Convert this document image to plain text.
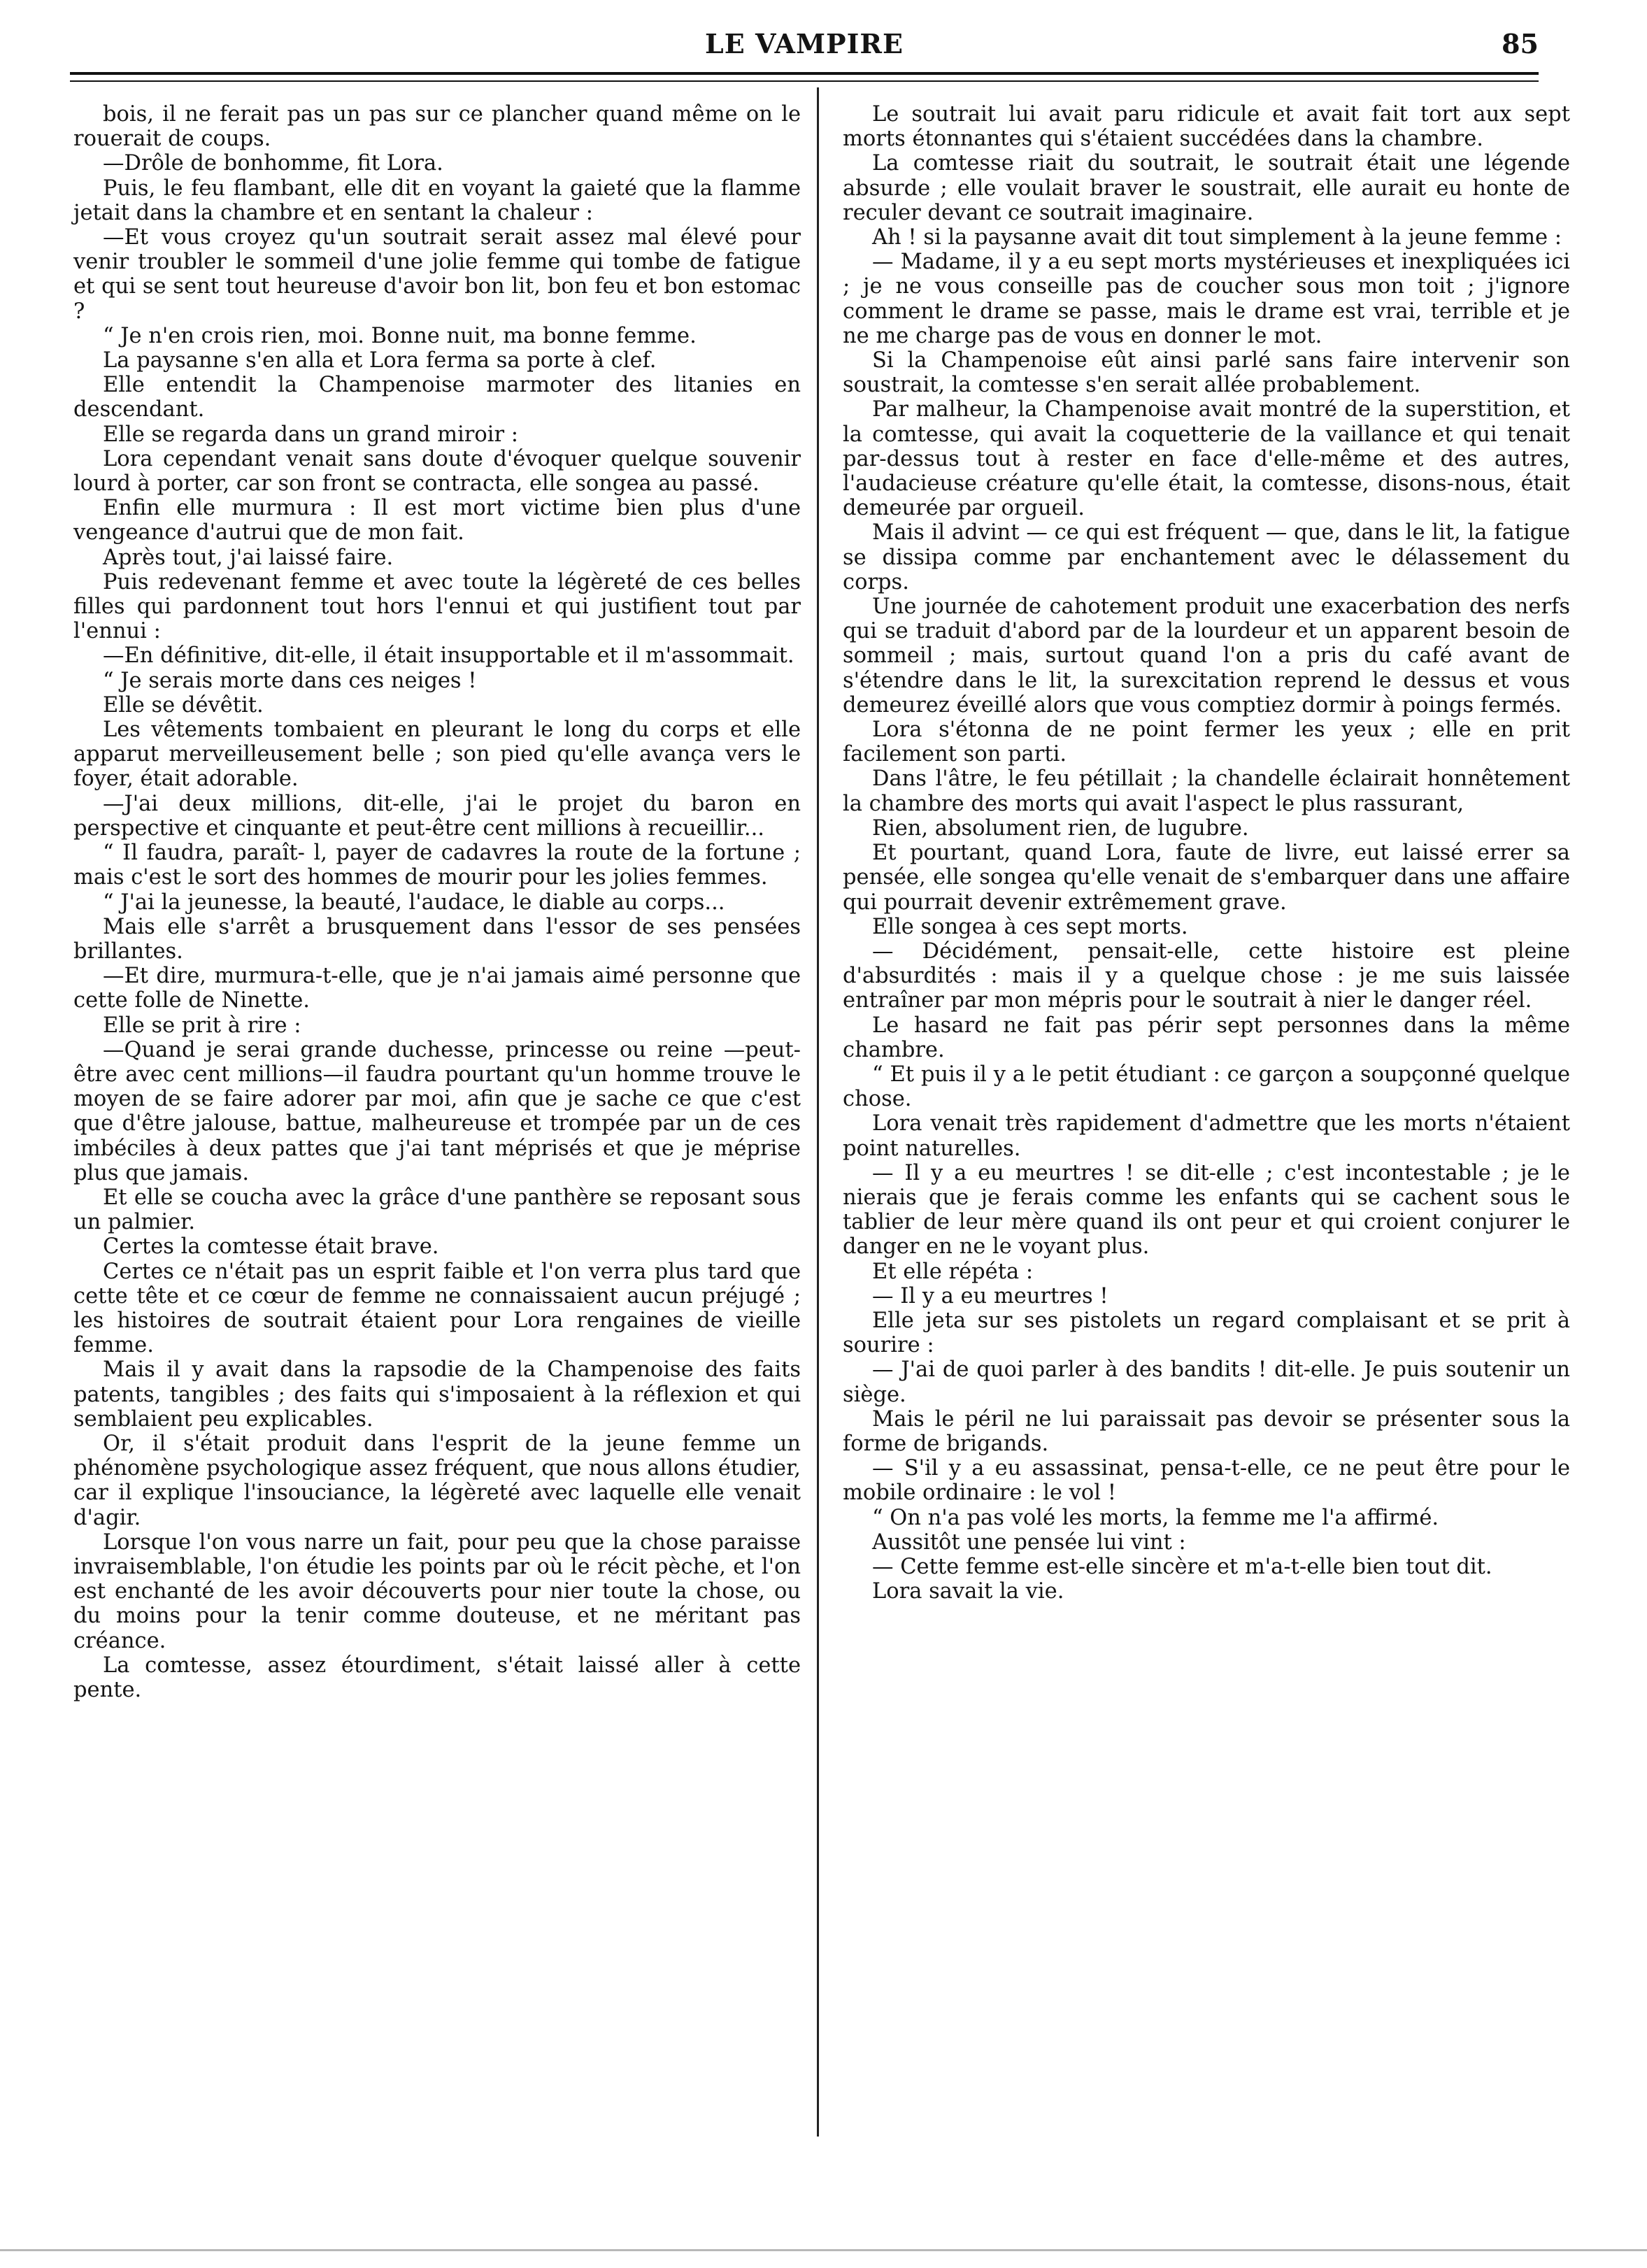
LE VAMPIRE	85

bois, il ne ferait pas un pas sur ce plancher quand même on le rouerait de coups.

—Drôle de bonhomme, fit Lora.

Puis, le feu flambant, elle dit en voyant la gaieté que la flamme jetait dans la chambre et en sentant la chaleur :

—Et vous croyez qu'un soutrait serait assez mal élevé pour venir troubler le sommeil d'une jolie femme qui tombe de fatigue et qui se sent tout heureuse d'avoir bon lit, bon feu et bon estomac ?

“ Je n'en crois rien, moi. Bonne nuit, ma bonne femme.

La paysanne s'en alla et Lora ferma sa porte à clef.

Elle entendit la Champenoise marmoter des litanies en descendant.

Elle se regarda dans un grand miroir :

Lora cependant venait sans doute d'évoquer quelque souvenir lourd à porter, car son front se contracta, elle songea au passé.

Enfin elle murmura : Il est mort victime bien plus d'une vengeance d'autrui que de mon fait.

Après tout, j'ai laissé faire.

Puis redevenant femme et avec toute la légèreté de ces belles filles qui pardonnent tout hors l'ennui et qui justifient tout par l'ennui :

—En définitive, dit-elle, il était insupportable et il m'assommait.

“ Je serais morte dans ces neiges !

Elle se dévêtit.

Les vêtements tombaient en pleurant le long du corps et elle apparut merveilleusement belle ; son pied qu'elle avança vers le foyer, était adorable.

—J'ai deux millions, dit-elle, j'ai le projet du baron en perspective et cinquante et peut-être cent millions à recueillir...

“ Il faudra, paraît- l, payer de cadavres la route de la fortune ; mais c'est le sort des hommes de mourir pour les jolies femmes.

“ J'ai la jeunesse, la beauté, l'audace, le diable au corps...

Mais elle s'arrêt a brusquement dans l'essor de ses pensées brillantes.

—Et dire, murmura-t-elle, que je n'ai jamais aimé personne que cette folle de Ninette.

Elle se prit à rire :

—Quand je serai grande duchesse, princesse ou reine —peut-être avec cent millions—il faudra pourtant qu'un homme trouve le moyen de se faire adorer par moi, afin que je sache ce que c'est que d'être jalouse, battue, malheureuse et trompée par un de ces imbéciles à deux pattes que j'ai tant méprisés et que je méprise plus que jamais.

Et elle se coucha avec la grâce d'une panthère se reposant sous un palmier.

Certes la comtesse était brave.

Certes ce n'était pas un esprit faible et l'on verra plus tard que cette tête et ce cœur de femme ne connaissaient aucun préjugé ; les histoires de soutrait étaient pour Lora rengaines de vieille femme.

Mais il y avait dans la rapsodie de la Champenoise des faits patents, tangibles ; des faits qui s'imposaient à la réflexion et qui semblaient peu explicables.

Or, il s'était produit dans l'esprit de la jeune femme un phénomène psychologique assez fréquent, que nous allons étudier, car il explique l'insouciance, la légèreté avec laquelle elle venait d'agir.

Lorsque l'on vous narre un fait, pour peu que la chose paraisse invraisemblable, l'on étudie les points par où le récit pèche, et l'on est enchanté de les avoir découverts pour nier toute la chose, ou du moins pour la tenir comme douteuse, et ne méritant pas créance.

La comtesse, assez étourdiment, s'était laissé aller à cette pente.

Le soutrait lui avait paru ridicule et avait fait tort aux sept morts étonnantes qui s'étaient succédées dans la chambre.

La comtesse riait du soutrait, le soutrait était une légende absurde ; elle voulait braver le soustrait, elle aurait eu honte de reculer devant ce soutrait imaginaire.

Ah ! si la paysanne avait dit tout simplement à la jeune femme :

— Madame, il y a eu sept morts mystérieuses et inexpliquées ici ; je ne vous conseille pas de coucher sous mon toit ; j'ignore comment le drame se passe, mais le drame est vrai, terrible et je ne me charge pas de vous en donner le mot.

Si la Champenoise eût ainsi parlé sans faire intervenir son soustrait, la comtesse s'en serait allée probablement.

Par malheur, la Champenoise avait montré de la superstition, et la comtesse, qui avait la coquetterie de la vaillance et qui tenait par-dessus tout à rester en face d'elle-même et des autres, l'audacieuse créature qu'elle était, la comtesse, disons-nous, était demeurée par orgueil.

Mais il advint — ce qui est fréquent — que, dans le lit, la fatigue se dissipa comme par enchantement avec le délassement du corps.

Une journée de cahotement produit une exacerbation des nerfs qui se traduit d'abord par de la lourdeur et un apparent besoin de sommeil ; mais, surtout quand l'on a pris du café avant de s'étendre dans le lit, la surexcitation reprend le dessus et vous demeurez éveillé alors que vous comptiez dormir à poings fermés.

Lora s'étonna de ne point fermer les yeux ; elle en prit facilement son parti.

Dans l'âtre, le feu pétillait ; la chandelle éclairait honnêtement la chambre des morts qui avait l'aspect le plus rassurant,

Rien, absolument rien, de lugubre.

Et pourtant, quand Lora, faute de livre, eut laissé errer sa pensée, elle songea qu'elle venait de s'embarquer dans une affaire qui pourrait devenir extrêmement grave.

Elle songea à ces sept morts.

— Décidément, pensait-elle, cette histoire est pleine d'absurdités : mais il y a quelque chose : je me suis laissée entraîner par mon mépris pour le soutrait à nier le danger réel.

Le hasard ne fait pas périr sept personnes dans la même chambre.

“ Et puis il y a le petit étudiant : ce garçon a soupçonné quelque chose.

Lora venait très rapidement d'admettre que les morts n'étaient point naturelles.

— Il y a eu meurtres ! se dit-elle ; c'est incontestable ; je le nierais que je ferais comme les enfants qui se cachent sous le tablier de leur mère quand ils ont peur et qui croient conjurer le danger en ne le voyant plus.

Et elle répéta :

— Il y a eu meurtres !

Elle jeta sur ses pistolets un regard complaisant et se prit à sourire :

— J'ai de quoi parler à des bandits ! dit-elle. Je puis soutenir un siège.

Mais le péril ne lui paraissait pas devoir se présenter sous la forme de brigands.

— S'il y a eu assassinat, pensa-t-elle, ce ne peut être pour le mobile ordinaire : le vol !

“ On n'a pas volé les morts, la femme me l'a affirmé.

Aussitôt une pensée lui vint :

— Cette femme est-elle sincère et m'a-t-elle bien tout dit.

Lora savait la vie.
